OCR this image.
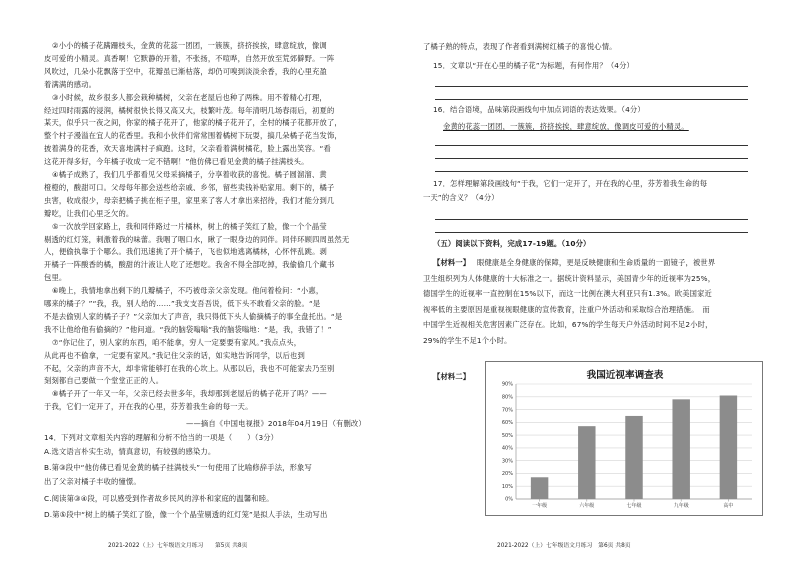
②小小的橘子花蹒跚枝头，金黄的花蕊一团团，一簇簇，挤挤挨挨，肆意绽放，像调
皮可爱的小精灵。真香啊！它默静的开着，不张扬，不喧哗，自然开放至荒郊僻野。一阵
风吹过，几朵小花飘落于空中，花瓣虽已渐枯落，却仍可嗅到淡淡余香，我的心里充盈
着满满的感动。
③小时候，故乡很多人都会栽种橘树，父亲在老屋后也种了两株。用不着精心打理，
经过四时雨露的浸润，橘树很快长得又高又大，枝繁叶茂。每年清明几场春雨后，初夏的
某天，似乎只一夜之间，你家的橘子花开了，他家的橘子花开了，全村的橘子花都开放了，
整个村子漫溢在宜人的花香里。我和小伙伴们常常围着橘树下玩耍，搞几朵橘子花当发饰，
披着满身的花香，欢天喜地满村子疯跑。这时，父亲看着满树橘花，脸上露出笑容。“看
这花开得多好，今年橘子收成一定不错啊！”他仿佛已看见金黄的橘子挂满枝头。
④橘子成熟了，我们几乎都看见父母采摘橘子，分享着收获的喜悦。橘子圆溜溜、黄
橙橙的，酸甜可口。父母每年都会送些给亲戚、乡邻，留些卖钱补贴家用。剩下的，橘子
虫害，收成很少，母亲把橘子挑在柜子里，家里来了客人才拿出来招待，我们才能分到几
瓣吃，让我们心里乏欠的。
⑤一次放学回家路上，我和同伴路过一片橘林，树上的橘子笑红了脸，像一个个晶莹
剔透的红灯笼，刺激着我的味蕾。我咽了咽口水，瞅了一眼身边的同伴。同伴环顾四周虽然无
人，便偷执靠于个哪么。我们迅速挑了开个橘子，飞也似地逃离橘林，心怀怦乱跳。剥
开橘子一阵酸香的橘，酸甜的汁液让人吃了还想吃。我舍不得全部吃掉，我偷偷几个藏书
包里。
⑥晚上，我情地拿出剩下的几瓣橘子，不巧被母亲父亲发现。他问着检问：“小惠，
哪来的橘子？”“我，我，别人给的……”我支支吾吾说，低下头不敢看父亲的脸。“是
不是去偷别人家的橘子子？”父亲加大了声音，我只得低下头人偷摘橘子的事全盘托出。“是
我不让他给他有偷摘的？”他问道。“我的脑袋嗡嗡“我的脑袋嗡地：“是，我，我错了！”
⑦“你记住了，别人家的东西，咱不能拿，穷人一定要要有家风。”我点点头，
从此再也不偷拿，一定要有家风。”我记住父亲的话，如实地告诉同学，以后也到
不起，父亲的声音不大，却非常能够打在我的心坎上。从那以后，我也不可能家去乃至别
刻刻都自己要做一个堂堂正正的人。
⑧橘子开了一年又一年，父亲已经去世多年，我却那到老屋后的橘子花开了吗？——
于我，它们一定开了，开在我的心里，芬芳着我生命的每一天。
——摘自《中国电视报》2018年04月19日（有删改）
14．下列对文章相关内容的理解和分析不恰当的一项是（　　）（3分）
A.选文语言朴实生动，情真意切，有较强的感染力。
B.第③段中“他仿佛已看见金黄的橘子挂满枝头”一句使用了比喻修辞手法，形象写
出了父亲对橘子丰收的憧憬。
C.阅读第③④段，可以感受到作者故乡民风的淳朴和家庭的温馨和睦。
D.第⑤段中“树上的橘子笑红了脸，像一个个晶莹剔透的红灯笼”是拟人手法，生动写出
2021-2022（上）七年级语文月练习　　第5页 共8页
了橘子熟的特点，表现了作者看到满树红橘子的喜悦心情。
15．文章以“开在心里的橘子花”为标题，有何作用？（4分）
16．结合语境，品味第段画线句中加点词语的表达效果。（4分）
金黄的花蕊一团团，一簇簇，挤挤挨挨，肆意绽放，像调皮可爱的小精灵。
17．怎样理解第段画线句“于我，它们一定开了，开在我的心里，芬芳着我生命的每
一天”的含义？（4分）
（五）阅读以下资料，完成17-19题。（10分）
【材料一】 眼健康是全身健康的保障，更是反映健康和生命质量的一面镜子，被世界
卫生组织列为人体健康的十大标准之一。据统计资料显示，美国青少年的近视率为25%，
德国学生的近视率一直控制在15%以下，而这一比例在澳大利亚只有1.3%。欧美国家近
视率低的主要原因是重视视眼健康的宣传教育，注重户外活动和采取综合治理措施。　而
中国学生近视相关危害因素广泛存在。比如，67%的学生每天户外活动时间不足2小时，
29%的学生不足1个小时。
【材料二】	我国近视率调查表
0%
10%
20%
30%
40%
50%
60%
70%
80%
90%
一年级	六年级	七年级	九年级	高中
2021-2022（上）七年级语文月练习　第6页 共8页
